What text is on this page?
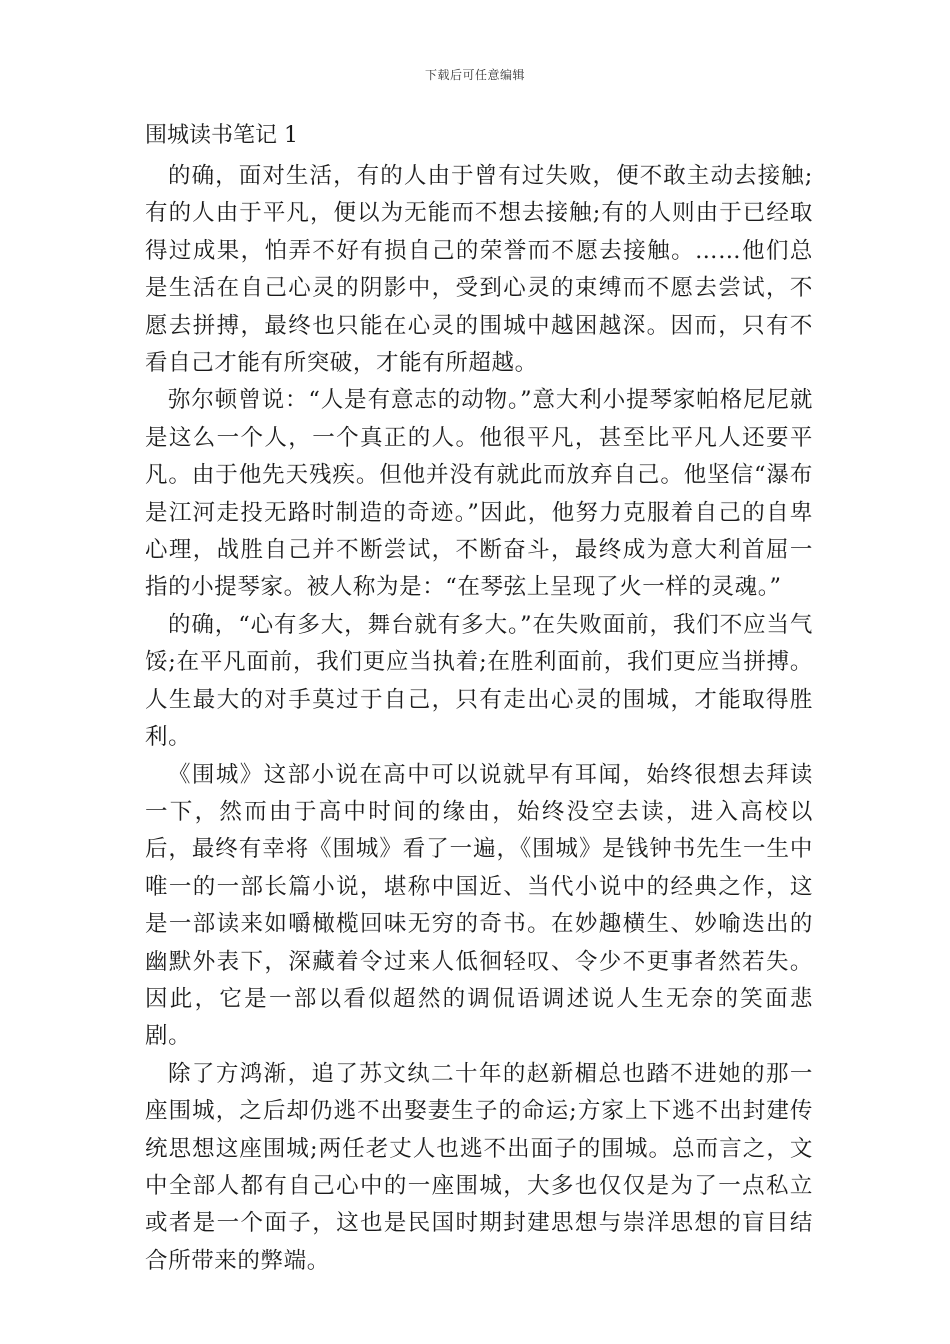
下载后可任意编辑
围城读书笔记 1

的确，面对生活，有的人由于曾有过失败，便不敢主动去接触;有的人由于平凡，便以为无能而不想去接触;有的人则由于已经取得过成果，怕弄不好有损自己的荣誉而不愿去接触。……他们总是生活在自己心灵的阴影中，受到心灵的束缚而不愿去尝试，不愿去拼搏，最终也只能在心灵的围城中越困越深。因而，只有不看自己才能有所突破，才能有所超越。

弥尔顿曾说：“人是有意志的动物。”意大利小提琴家帕格尼尼就是这么一个人，一个真正的人。他很平凡，甚至比平凡人还要平凡。由于他先天残疾。但他并没有就此而放弃自己。他坚信“瀑布是江河走投无路时制造的奇迹。”因此，他努力克服着自己的自卑心理，战胜自己并不断尝试，不断奋斗，最终成为意大利首屈一指的小提琴家。被人称为是：“在琴弦上呈现了火一样的灵魂。”

的确，“心有多大，舞台就有多大。”在失败面前，我们不应当气馁;在平凡面前，我们更应当执着;在胜利面前，我们更应当拼搏。人生最大的对手莫过于自己，只有走出心灵的围城，才能取得胜利。

《围城》这部小说在高中可以说就早有耳闻，始终很想去拜读一下，然而由于高中时间的缘由，始终没空去读，进入高校以后，最终有幸将《围城》看了一遍，《围城》是钱钟书先生一生中唯一的一部长篇小说，堪称中国近、当代小说中的经典之作，这是一部读来如嚼橄榄回味无穷的奇书。在妙趣横生、妙喻迭出的幽默外表下，深藏着令过来人低徊轻叹、令少不更事者然若失。因此，它是一部以看似超然的调侃语调述说人生无奈的笑面悲剧。

除了方鸿渐，追了苏文纨二十年的赵新楣总也踏不进她的那一座围城，之后却仍逃不出娶妻生子的命运;方家上下逃不出封建传统思想这座围城;两任老丈人也逃不出面子的围城。总而言之，文中全部人都有自己心中的一座围城，大多也仅仅是为了一点私立或者是一个面子，这也是民国时期封建思想与崇洋思想的盲目结合所带来的弊端。
